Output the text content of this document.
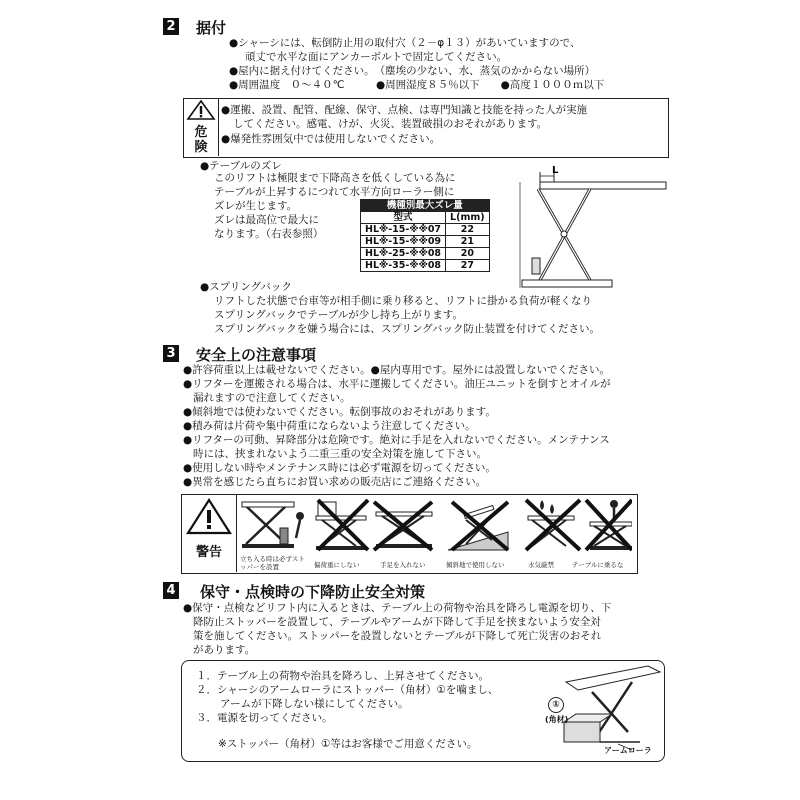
2 据付
●シャーシには、転倒防止用の取付穴（２－φ１３）があいていますので、
頑丈で水平な面にアンカーボルトで固定してください。
●屋内に据え付けてください。　（塵埃の少ない、水、蒸気のかからない場所）
●周囲温度　０～４０℃　　　●周囲湿度８５％以下　　●高度１０００ｍ以下
危険
●運搬、設置、配管、配線、保守、点検、は専門知識と技能を持った人が実施
してください。感電、けが、火災、装置破損のおそれがあります。
●爆発性雰囲気中では使用しないでください。
●テーブルのズレ
このリフトは極限まで下降高さを低くしている為に
テーブルが上昇するにつれて水平方向ローラー側に
ズレが生じます。
ズレは最高位で最大に
なります。（右表参照）
機種別最大ズレ量	
型式	L(mm)
HL※-15-※※07	22
HL※-15-※※09	21
HL※-25-※※08	20
HL※-35-※※08	27
L
●スプリングバック
リフトした状態で台車等が相手側に乗り移ると、リフトに掛かる負荷が軽くなり
スプリングバックでテーブルが少し持ち上がります。
スプリングバックを嫌う場合には、スプリングバック防止装置を付けてください。
3 安全上の注意事項
●許容荷重以上は載せないでください。●屋内専用です。屋外には設置しないでください。
●リフターを運搬される場合は、水平に運搬してください。油圧ユニットを倒すとオイルが
漏れますので注意してください。
●傾斜地では使わないでください。転倒事故のおそれがあります。
●積み荷は片荷や集中荷重にならないよう注意してください。
●リフターの可動、昇降部分は危険です。絶対に手足を入れないでください。メンテナンス
時には、挟まれないよう二重三重の安全対策を施して下さい。
●使用しない時やメンテナンス時には必ず電源を切ってください。
●異常を感じたら直ちにお買い求めの販売店にご連絡ください。
警告	立ち入る時は必ずストッパーを設置	偏荷重にしない	手足を入れない	傾斜地で使用しない	水気厳禁	テーブルに乗るな
4 保守・点検時の下降防止安全対策
●保守・点検などリフト内に入るときは、テーブル上の荷物や治具を降ろし電源を切り、下
降防止ストッパーを設置して、テーブルやアームが下降して手足を挟まないよう安全対
策を施してください。ストッパーを設置しないとテーブルが下降して死亡災害のおそれ
があります。
１．テーブル上の荷物や治具を降ろし、上昇させてください。
２．シャーシのアームローラにストッパー（角材）①を噛まし、
アームが下降しない様にしてください。
３．電源を切ってください。
※ストッパー（角材）①等はお客様でご用意ください。
①
(角材)
アームローラ
